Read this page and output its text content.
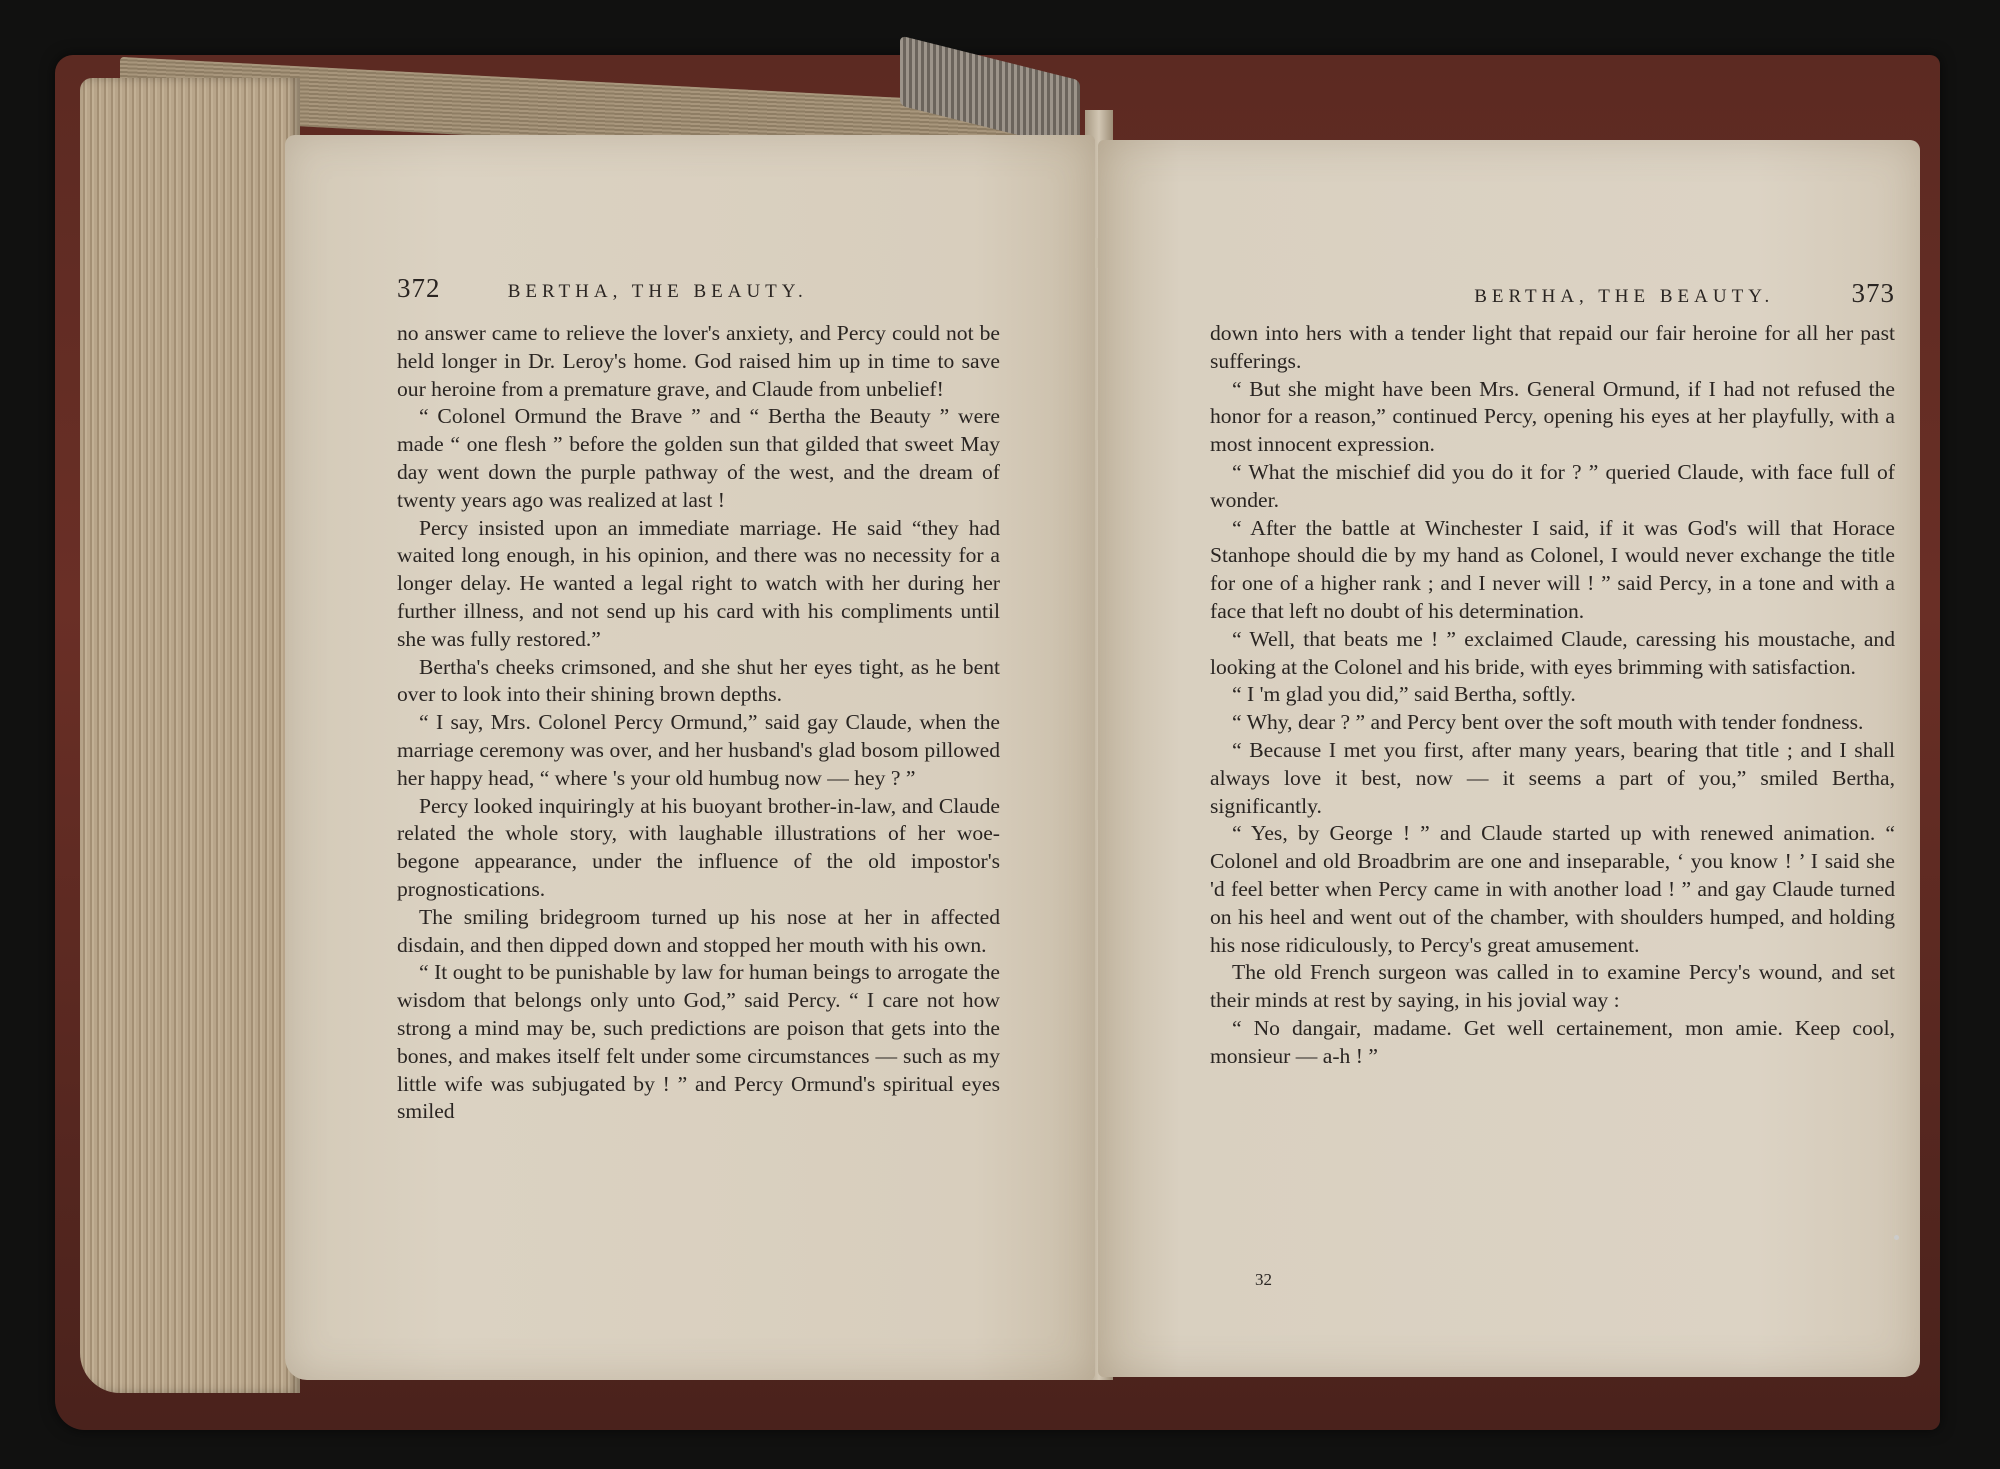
372	BERTHA, THE BEAUTY.

no answer came to relieve the lover's anxiety, and Percy could not be held longer in Dr. Leroy's home. God raised him up in time to save our heroine from a premature grave, and Claude from unbelief!

“ Colonel Ormund the Brave ” and “ Bertha the Beauty ” were made “ one flesh ” before the golden sun that gilded that sweet May day went down the purple pathway of the west, and the dream of twenty years ago was realized at last !

Percy insisted upon an immediate marriage. He said “they had waited long enough, in his opinion, and there was no necessity for a longer delay. He wanted a legal right to watch with her during her further illness, and not send up his card with his compliments until she was fully restored.”

Bertha's cheeks crimsoned, and she shut her eyes tight, as he bent over to look into their shining brown depths.

“ I say, Mrs. Colonel Percy Ormund,” said gay Claude, when the marriage ceremony was over, and her husband's glad bosom pillowed her happy head, “ where 's your old humbug now — hey ? ”

Percy looked inquiringly at his buoyant brother-in-law, and Claude related the whole story, with laughable illustrations of her woe-begone appearance, under the influence of the old impostor's prognostications.

The smiling bridegroom turned up his nose at her in affected disdain, and then dipped down and stopped her mouth with his own.

“ It ought to be punishable by law for human beings to arrogate the wisdom that belongs only unto God,” said Percy. “ I care not how strong a mind may be, such predictions are poison that gets into the bones, and makes itself felt under some circumstances — such as my little wife was subjugated by ! ” and Percy Ormund's spiritual eyes smiled

BERTHA, THE BEAUTY.	373

down into hers with a tender light that repaid our fair heroine for all her past sufferings.

“ But she might have been Mrs. General Ormund, if I had not refused the honor for a reason,” continued Percy, opening his eyes at her playfully, with a most innocent expression.

“ What the mischief did you do it for ? ” queried Claude, with face full of wonder.

“ After the battle at Winchester I said, if it was God's will that Horace Stanhope should die by my hand as Colonel, I would never exchange the title for one of a higher rank ; and I never will ! ” said Percy, in a tone and with a face that left no doubt of his determination.

“ Well, that beats me ! ” exclaimed Claude, caressing his moustache, and looking at the Colonel and his bride, with eyes brimming with satisfaction.

“ I 'm glad you did,” said Bertha, softly.

“ Why, dear ? ” and Percy bent over the soft mouth with tender fondness.

“ Because I met you first, after many years, bearing that title ; and I shall always love it best, now — it seems a part of you,” smiled Bertha, significantly.

“ Yes, by George ! ” and Claude started up with renewed animation. “ Colonel and old Broadbrim are one and inseparable, ‘ you know ! ’ I said she 'd feel better when Percy came in with another load ! ” and gay Claude turned on his heel and went out of the chamber, with shoulders humped, and holding his nose ridiculously, to Percy's great amusement.

The old French surgeon was called in to examine Percy's wound, and set their minds at rest by saying, in his jovial way :

“ No dangair, madame. Get well certainement, mon amie. Keep cool, monsieur — a-h ! ”

32
